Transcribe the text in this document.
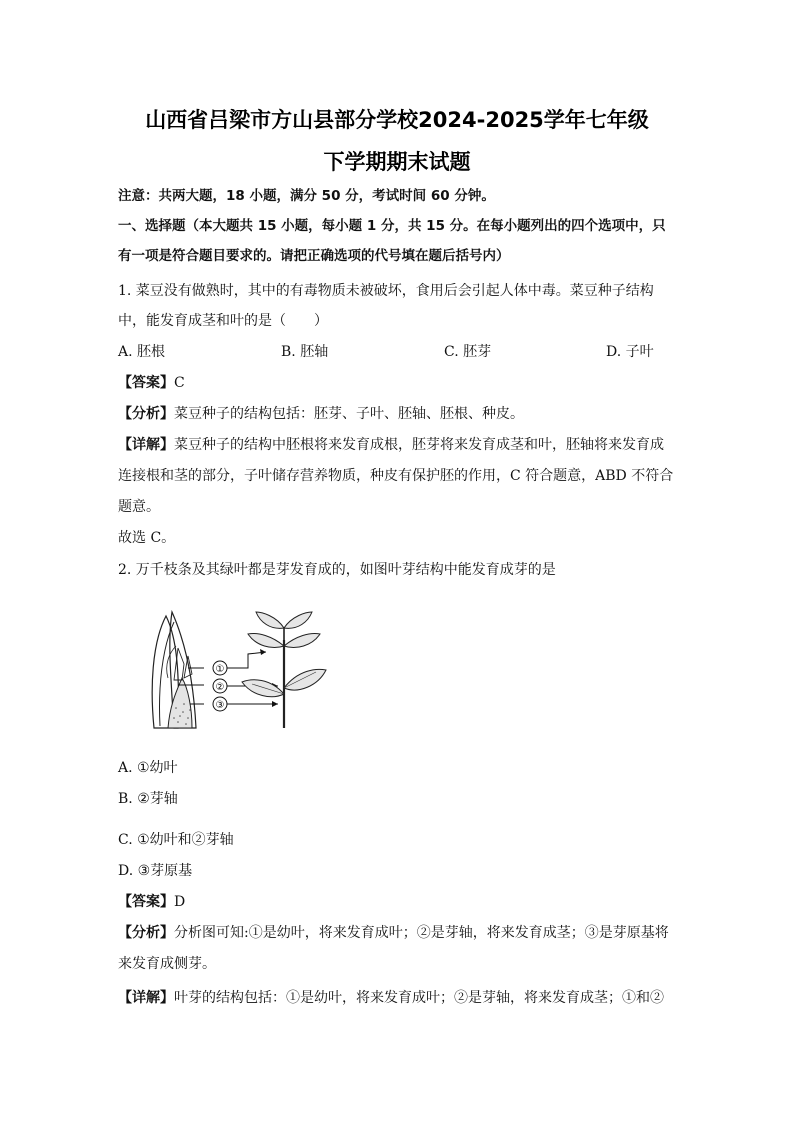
山西省吕梁市方山县部分学校2024-2025学年七年级
下学期期末试题
注意：共两大题，18 小题，满分 50 分，考试时间 60 分钟。
一、选择题（本大题共 15 小题，每小题 1 分，共 15 分。在每小题列出的四个选项中，只
有一项是符合题目要求的。请把正确选项的代号填在题后括号内）
1. 菜豆没有做熟时，其中的有毒物质未被破坏，食用后会引起人体中毒。菜豆种子结构
中，能发育成茎和叶的是（　　）
A. 胚根	B. 胚轴	C. 胚芽	D. 子叶
【答案】C
【分析】菜豆种子的结构包括：胚芽、子叶、胚轴、胚根、种皮。
【详解】菜豆种子的结构中胚根将来发育成根，胚芽将来发育成茎和叶，胚轴将来发育成
连接根和茎的部分，子叶储存营养物质，种皮有保护胚的作用，C 符合题意，ABD 不符合
题意。
故选 C。
2. 万千枝条及其绿叶都是芽发育成的，如图叶芽结构中能发育成芽的是
①
②
③
A. ①幼叶
B. ②芽轴
C. ①幼叶和②芽轴
D. ③芽原基
【答案】D
【分析】分析图可知:①是幼叶，将来发育成叶；②是芽轴，将来发育成茎；③是芽原基将
来发育成侧芽。
【详解】叶芽的结构包括：①是幼叶，将来发育成叶；②是芽轴，将来发育成茎；①和②
